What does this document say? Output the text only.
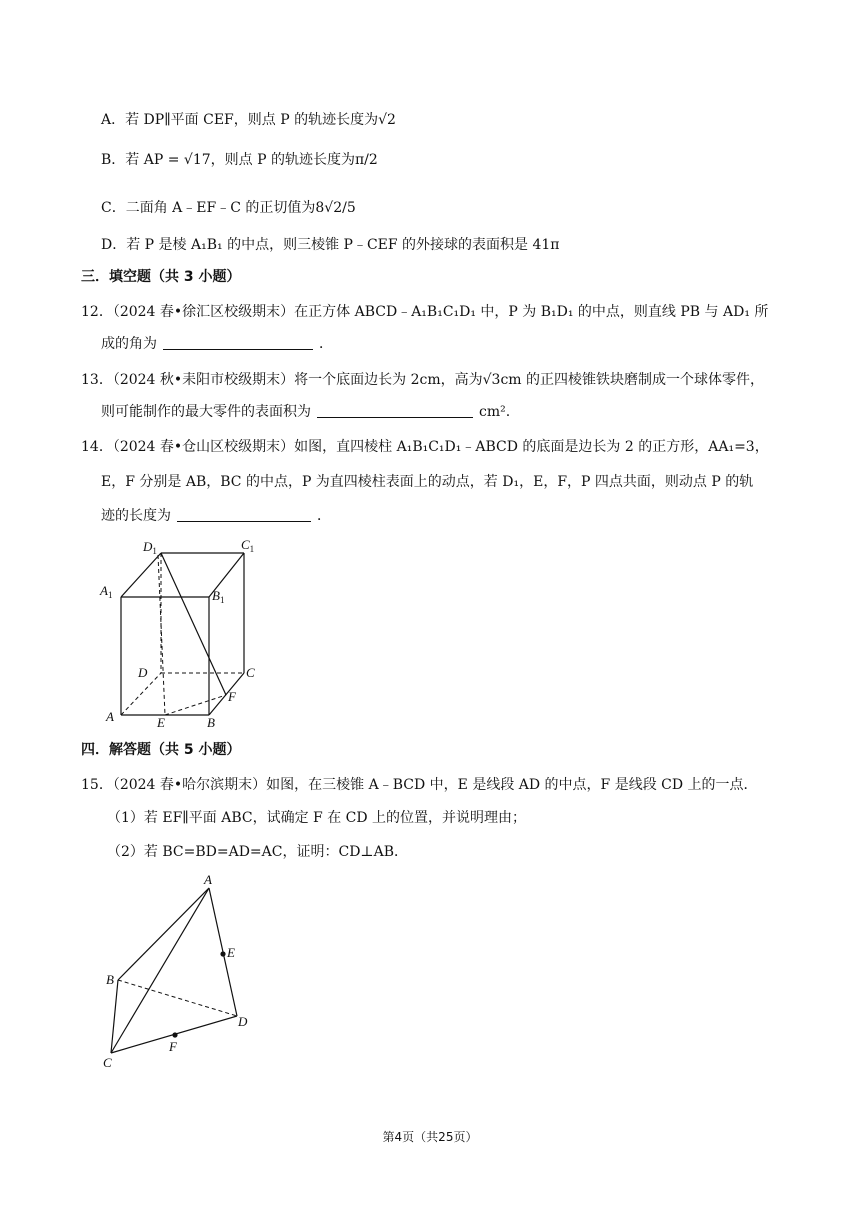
A．若 DP∥平面 CEF，则点 P 的轨迹长度为√2
B．若 AP = √17，则点 P 的轨迹长度为π/2
C．二面角 A﹣EF﹣C 的正切值为8√2/5
D．若 P 是棱 A₁B₁ 的中点，则三棱锥 P﹣CEF 的外接球的表面积是 41π
三．填空题（共 3 小题）
12．（2024 春•徐汇区校级期末）在正方体 ABCD﹣A₁B₁C₁D₁ 中，P 为 B₁D₁ 的中点，则直线 PB 与 AD₁ 所
成的角为	．
13．（2024 秋•耒阳市校级期末）将一个底面边长为 2cm，高为√3cm 的正四棱锥铁块磨制成一个球体零件，
则可能制作的最大零件的表面积为	cm².
14．（2024 春•仓山区校级期末）如图，直四棱柱 A₁B₁C₁D₁﹣ABCD 的底面是边长为 2 的正方形，AA₁=3，
E，F 分别是 AB，BC 的中点，P 为直四棱柱表面上的动点，若 D₁，E，F，P 四点共面，则动点 P 的轨
迹的长度为	．
$D_1$	$C_1$
$A_1$	$B_1$
D	C
F
A	E	B
四．解答题（共 5 小题）
15．（2024 春•哈尔滨期末）如图，在三棱锥 A﹣BCD 中，E 是线段 AD 的中点，F 是线段 CD 上的一点．
（1）若 EF∥平面 ABC，试确定 F 在 CD 上的位置，并说明理由；
（2）若 BC=BD=AD=AC，证明：CD⊥AB．
A
E
B
D
F
C
第4页（共25页）
